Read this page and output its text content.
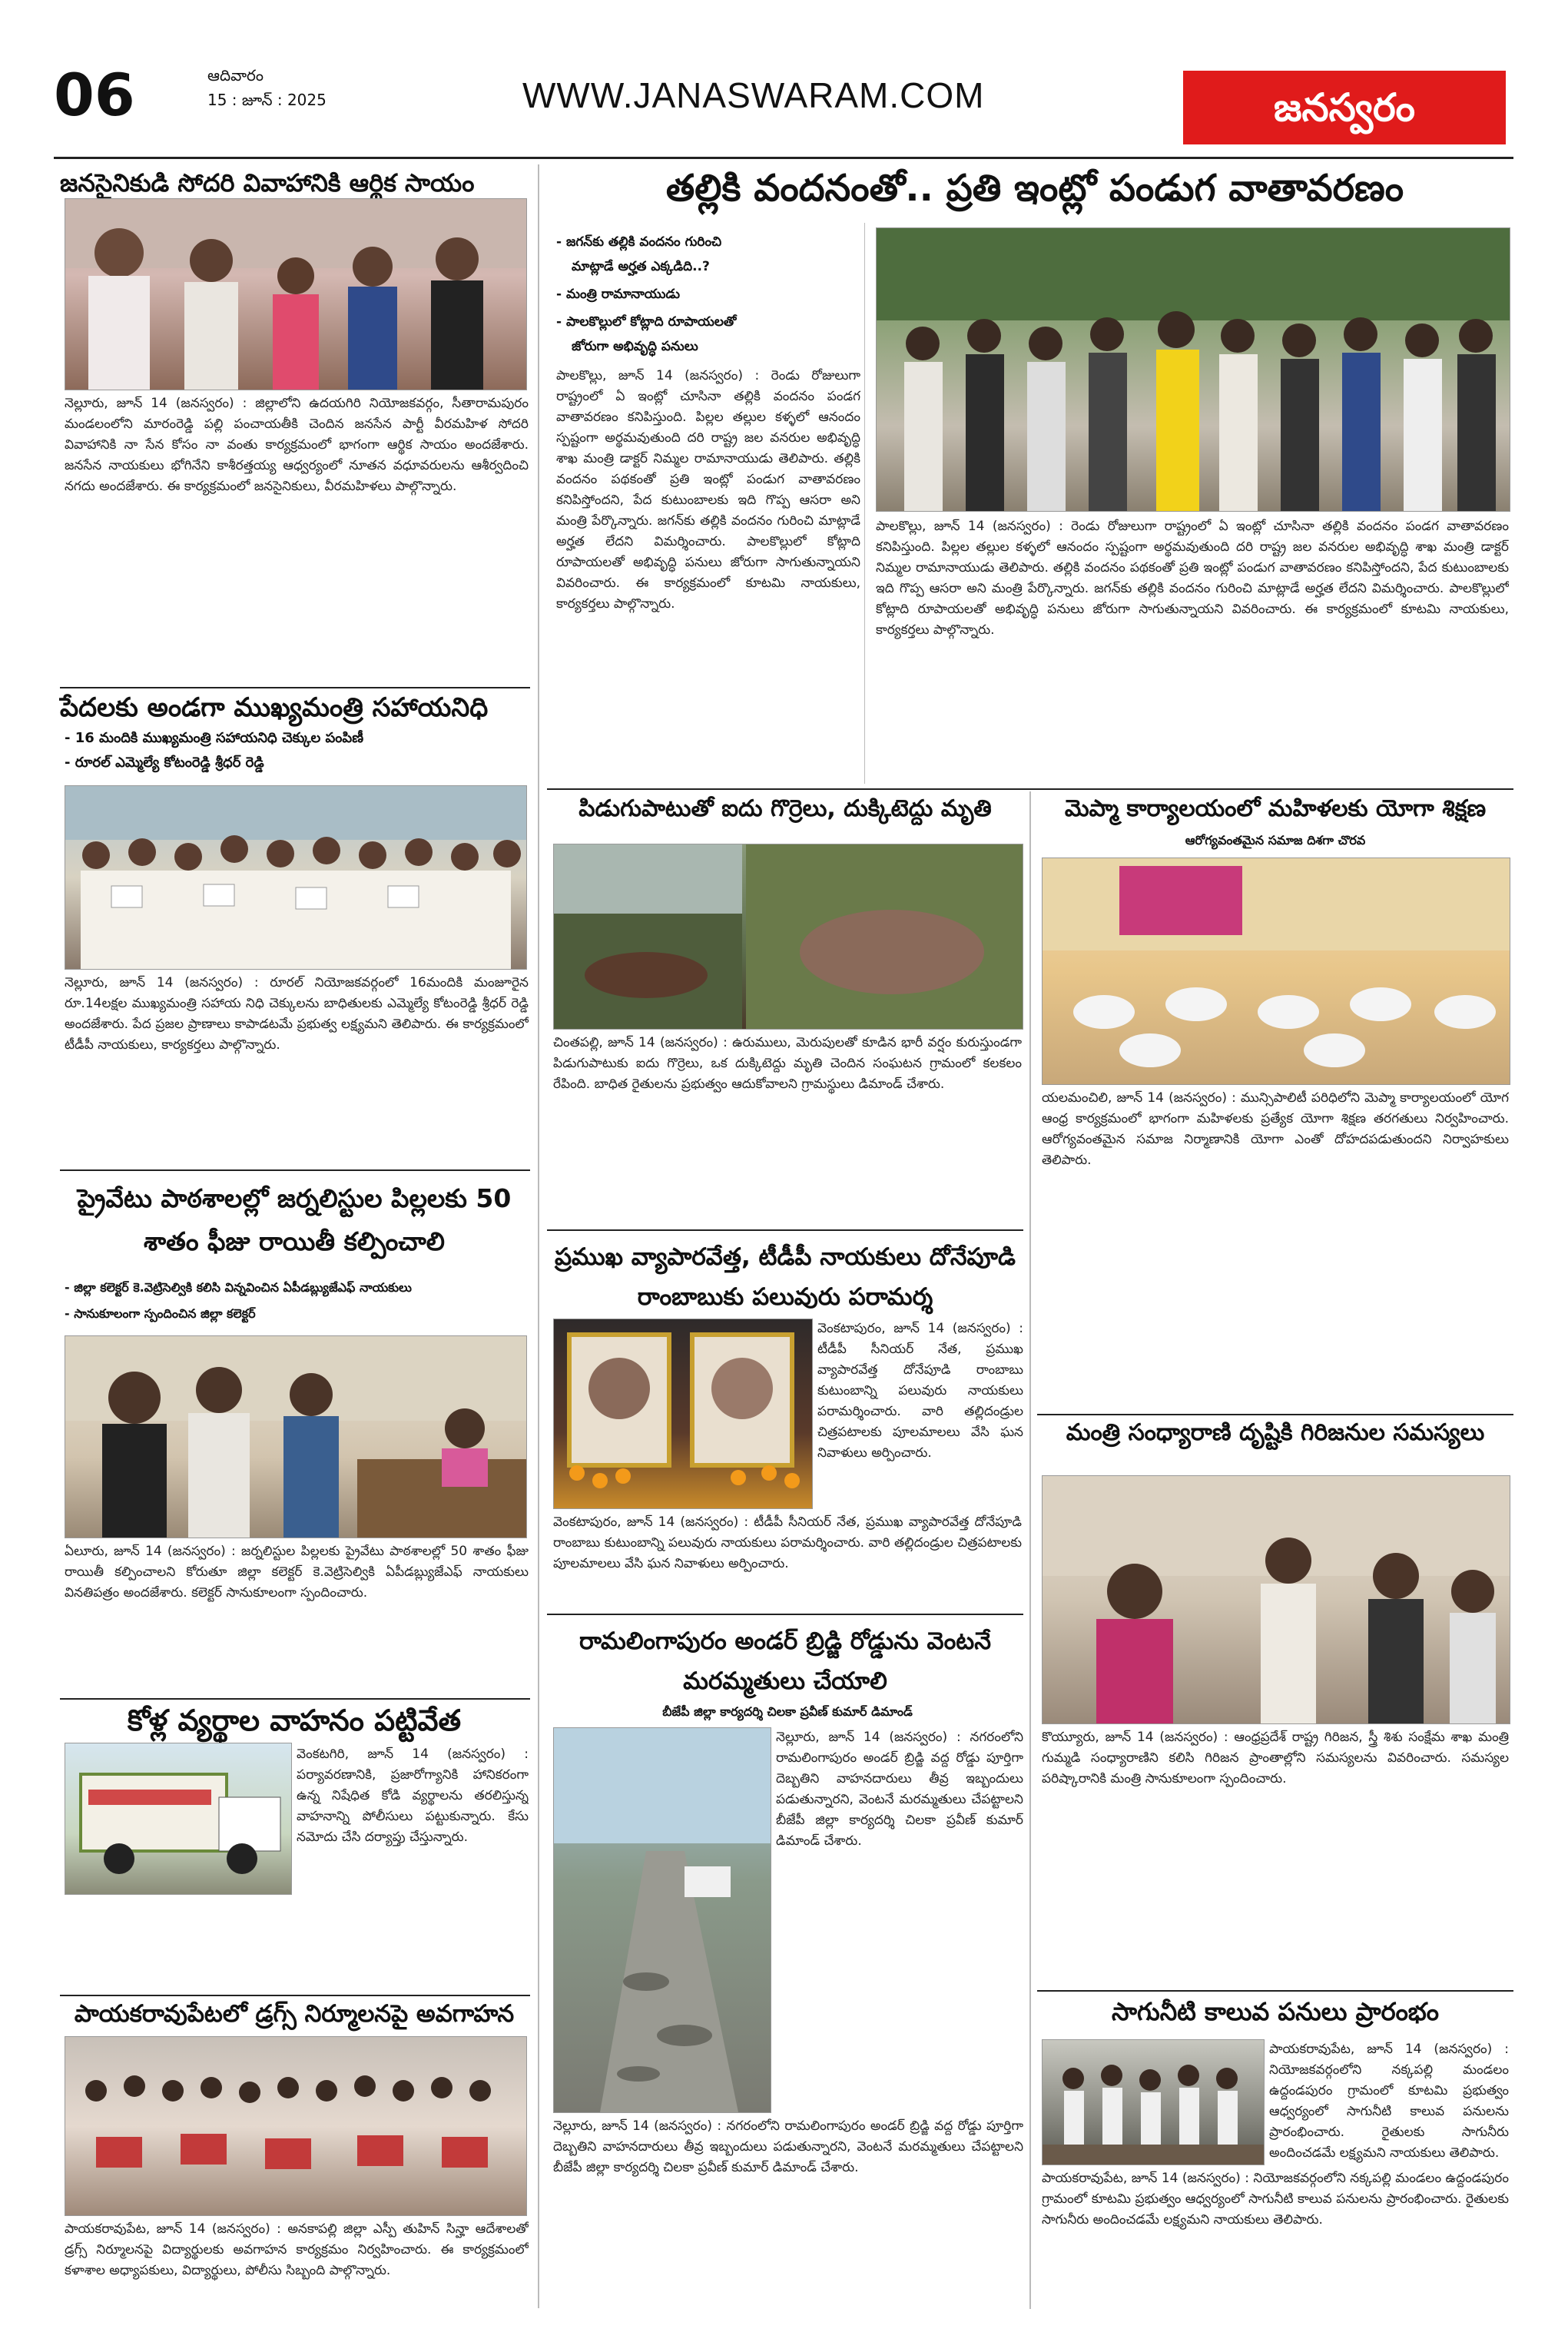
06	ఆదివారం
15 : జూన్ : 2025	WWW.JANASWARAM.COM	జనస్వరం
జనసైనికుడి సోదరి వివాహానికి ఆర్థిక సాయం
నెల్లూరు, జూన్ 14 (జనస్వరం) : జిల్లాలోని ఉదయగిరి నియోజకవర్గం, సీతారామపురం మండలంలోని మారంరెడ్డి పల్లి పంచాయతీకి చెందిన జనసేన పార్టీ వీరమహిళ సోదరి వివాహానికి నా సేన కోసం నా వంతు కార్యక్రమంలో భాగంగా ఆర్థిక సాయం అందజేశారు. జనసేన నాయకులు భోగినేని కాశీరత్తయ్య ఆధ్వర్యంలో నూతన వధూవరులను ఆశీర్వదించి నగదు అందజేశారు. ఈ కార్యక్రమంలో జనసైనికులు, వీరమహిళలు పాల్గొన్నారు.
పేదలకు అండగా ముఖ్యమంత్రి సహాయనిధి
- 16 మందికి ముఖ్యమంత్రి సహాయనిధి చెక్కుల పంపిణీ
- రూరల్ ఎమ్మెల్యే కోటంరెడ్డి శ్రీధర్ రెడ్డి
నెల్లూరు, జూన్ 14 (జనస్వరం) : రూరల్ నియోజకవర్గంలో 16మందికి మంజూరైన రూ.14లక్షల ముఖ్యమంత్రి సహాయ నిధి చెక్కులను బాధితులకు ఎమ్మెల్యే కోటంరెడ్డి శ్రీధర్ రెడ్డి అందజేశారు. పేద ప్రజల ప్రాణాలు కాపాడటమే ప్రభుత్వ లక్ష్యమని తెలిపారు. ఈ కార్యక్రమంలో టీడీపీ నాయకులు, కార్యకర్తలు పాల్గొన్నారు.
ప్రైవేటు పాఠశాలల్లో జర్నలిస్టుల పిల్లలకు 50 శాతం ఫీజు రాయితీ కల్పించాలి
- జిల్లా కలెక్టర్ కె.వెట్రిసెల్వికి కలిసి విన్నవించిన ఏపీడబ్ల్యుజేఎఫ్ నాయకులు
- సానుకూలంగా స్పందించిన జిల్లా కలెక్టర్
ఏలూరు, జూన్ 14 (జనస్వరం) : జర్నలిస్టుల పిల్లలకు ప్రైవేటు పాఠశాలల్లో 50 శాతం ఫీజు రాయితీ కల్పించాలని కోరుతూ జిల్లా కలెక్టర్ కె.వెట్రిసెల్వికి ఏపీడబ్ల్యుజేఎఫ్ నాయకులు వినతిపత్రం అందజేశారు. కలెక్టర్ సానుకూలంగా స్పందించారు.
కోళ్ల వ్యర్థాల వాహనం పట్టివేత
వెంకటగిరి, జూన్ 14 (జనస్వరం) : పర్యావరణానికి, ప్రజారోగ్యానికి హానికరంగా ఉన్న నిషేధిత కోడి వ్యర్థాలను తరలిస్తున్న వాహనాన్ని పోలీసులు పట్టుకున్నారు. కేసు నమోదు చేసి దర్యాప్తు చేస్తున్నారు.
పాయకరావుపేటలో డ్రగ్స్ నిర్మూలనపై అవగాహన
పాయకరావుపేట, జూన్ 14 (జనస్వరం) : అనకాపల్లి జిల్లా ఎస్పీ తుహిన్ సిన్హా ఆదేశాలతో డ్రగ్స్ నిర్మూలనపై విద్యార్థులకు అవగాహన కార్యక్రమం నిర్వహించారు. ఈ కార్యక్రమంలో కళాశాల అధ్యాపకులు, విద్యార్థులు, పోలీసు సిబ్బంది పాల్గొన్నారు.
తల్లికి వందనంతో.. ప్రతి ఇంట్లో పండుగ వాతావరణం
- జగన్‌కు తల్లికి వందనం గురించి
మాట్లాడే అర్హత ఎక్కడిది..?
- మంత్రి రామానాయుడు
- పాలకొల్లులో కోట్లాది రూపాయలతో
జోరుగా అభివృద్ధి పనులు
పాలకొల్లు, జూన్ 14 (జనస్వరం) : రెండు రోజులుగా రాష్ట్రంలో ఏ ఇంట్లో చూసినా తల్లికి వందనం పండగ వాతావరణం కనిపిస్తుంది. పిల్లల తల్లుల కళ్ళలో ఆనందం స్పష్టంగా అర్థమవుతుంది దరి రాష్ట్ర జల వనరుల అభివృద్ధి శాఖ మంత్రి డాక్టర్ నిమ్మల రామానాయుడు తెలిపారు. తల్లికి వందనం పథకంతో ప్రతి ఇంట్లో పండుగ వాతావరణం కనిపిస్తోందని, పేద కుటుంబాలకు ఇది గొప్ప ఆసరా అని మంత్రి పేర్కొన్నారు. జగన్‌కు తల్లికి వందనం గురించి మాట్లాడే అర్హత లేదని విమర్శించారు. పాలకొల్లులో కోట్లాది రూపాయలతో అభివృద్ధి పనులు జోరుగా సాగుతున్నాయని వివరించారు. ఈ కార్యక్రమంలో కూటమి నాయకులు, కార్యకర్తలు పాల్గొన్నారు.
పాలకొల్లు, జూన్ 14 (జనస్వరం) : రెండు రోజులుగా రాష్ట్రంలో ఏ ఇంట్లో చూసినా తల్లికి వందనం పండగ వాతావరణం కనిపిస్తుంది. పిల్లల తల్లుల కళ్ళలో ఆనందం స్పష్టంగా అర్థమవుతుంది దరి రాష్ట్ర జల వనరుల అభివృద్ధి శాఖ మంత్రి డాక్టర్ నిమ్మల రామానాయుడు తెలిపారు. తల్లికి వందనం పథకంతో ప్రతి ఇంట్లో పండుగ వాతావరణం కనిపిస్తోందని, పేద కుటుంబాలకు ఇది గొప్ప ఆసరా అని మంత్రి పేర్కొన్నారు. జగన్‌కు తల్లికి వందనం గురించి మాట్లాడే అర్హత లేదని విమర్శించారు. పాలకొల్లులో కోట్లాది రూపాయలతో అభివృద్ధి పనులు జోరుగా సాగుతున్నాయని వివరించారు. ఈ కార్యక్రమంలో కూటమి నాయకులు, కార్యకర్తలు పాల్గొన్నారు.
పిడుగుపాటుతో ఐదు గొర్రెలు, దుక్కిటెద్దు మృతి
చింతపల్లి, జూన్ 14 (జనస్వరం) : ఉరుములు, మెరుపులతో కూడిన భారీ వర్షం కురుస్తుండగా పిడుగుపాటుకు ఐదు గొర్రెలు, ఒక దుక్కిటెద్దు మృతి చెందిన సంఘటన గ్రామంలో కలకలం రేపింది. బాధిత రైతులను ప్రభుత్వం ఆదుకోవాలని గ్రామస్థులు డిమాండ్ చేశారు.
ప్రముఖ వ్యాపారవేత్త, టీడీపీ నాయకులు దోనేపూడి రాంబాబుకు పలువురు పరామర్శ
వెంకటాపురం, జూన్ 14 (జనస్వరం) : టీడీపీ సీనియర్ నేత, ప్రముఖ వ్యాపారవేత్త దోనేపూడి రాంబాబు కుటుంబాన్ని పలువురు నాయకులు పరామర్శించారు. వారి తల్లిదండ్రుల చిత్రపటాలకు పూలమాలలు వేసి ఘన నివాళులు అర్పించారు.
వెంకటాపురం, జూన్ 14 (జనస్వరం) : టీడీపీ సీనియర్ నేత, ప్రముఖ వ్యాపారవేత్త దోనేపూడి రాంబాబు కుటుంబాన్ని పలువురు నాయకులు పరామర్శించారు. వారి తల్లిదండ్రుల చిత్రపటాలకు పూలమాలలు వేసి ఘన నివాళులు అర్పించారు.
రామలింగాపురం అండర్ బ్రిడ్జి రోడ్డును వెంటనే మరమ్మతులు చేయాలి
బీజేపీ జిల్లా కార్యదర్శి చిలకా ప్రవీణ్ కుమార్ డిమాండ్
నెల్లూరు, జూన్ 14 (జనస్వరం) : నగరంలోని రామలింగాపురం అండర్ బ్రిడ్జి వద్ద రోడ్డు పూర్తిగా దెబ్బతిని వాహనదారులు తీవ్ర ఇబ్బందులు పడుతున్నారని, వెంటనే మరమ్మతులు చేపట్టాలని బీజేపీ జిల్లా కార్యదర్శి చిలకా ప్రవీణ్ కుమార్ డిమాండ్ చేశారు.
నెల్లూరు, జూన్ 14 (జనస్వరం) : నగరంలోని రామలింగాపురం అండర్ బ్రిడ్జి వద్ద రోడ్డు పూర్తిగా దెబ్బతిని వాహనదారులు తీవ్ర ఇబ్బందులు పడుతున్నారని, వెంటనే మరమ్మతులు చేపట్టాలని బీజేపీ జిల్లా కార్యదర్శి చిలకా ప్రవీణ్ కుమార్ డిమాండ్ చేశారు.
మెప్మా కార్యాలయంలో మహిళలకు యోగా శిక్షణ
ఆరోగ్యవంతమైన సమాజ దిశగా చొరవ
యలమంచిలి, జూన్ 14 (జనస్వరం) : మున్సిపాలిటీ పరిధిలోని మెప్మా కార్యాలయంలో యోగ ఆంధ్ర కార్యక్రమంలో భాగంగా మహిళలకు ప్రత్యేక యోగా శిక్షణ తరగతులు నిర్వహించారు. ఆరోగ్యవంతమైన సమాజ నిర్మాణానికి యోగా ఎంతో దోహదపడుతుందని నిర్వాహకులు తెలిపారు.
మంత్రి సంధ్యారాణి దృష్టికి గిరిజనుల సమస్యలు
కొయ్యూరు, జూన్ 14 (జనస్వరం) : ఆంధ్రప్రదేశ్ రాష్ట్ర గిరిజన, స్త్రీ శిశు సంక్షేమ శాఖ మంత్రి గుమ్మడి సంధ్యారాణిని కలిసి గిరిజన ప్రాంతాల్లోని సమస్యలను వివరించారు. సమస్యల పరిష్కారానికి మంత్రి సానుకూలంగా స్పందించారు.
సాగునీటి కాలువ పనులు ప్రారంభం
పాయకరావుపేట, జూన్ 14 (జనస్వరం) : నియోజకవర్గంలోని నక్కపల్లి మండలం ఉద్దండపురం గ్రామంలో కూటమి ప్రభుత్వం ఆధ్వర్యంలో సాగునీటి కాలువ పనులను ప్రారంభించారు. రైతులకు సాగునీరు అందించడమే లక్ష్యమని నాయకులు తెలిపారు.
పాయకరావుపేట, జూన్ 14 (జనస్వరం) : నియోజకవర్గంలోని నక్కపల్లి మండలం ఉద్దండపురం గ్రామంలో కూటమి ప్రభుత్వం ఆధ్వర్యంలో సాగునీటి కాలువ పనులను ప్రారంభించారు. రైతులకు సాగునీరు అందించడమే లక్ష్యమని నాయకులు తెలిపారు.
